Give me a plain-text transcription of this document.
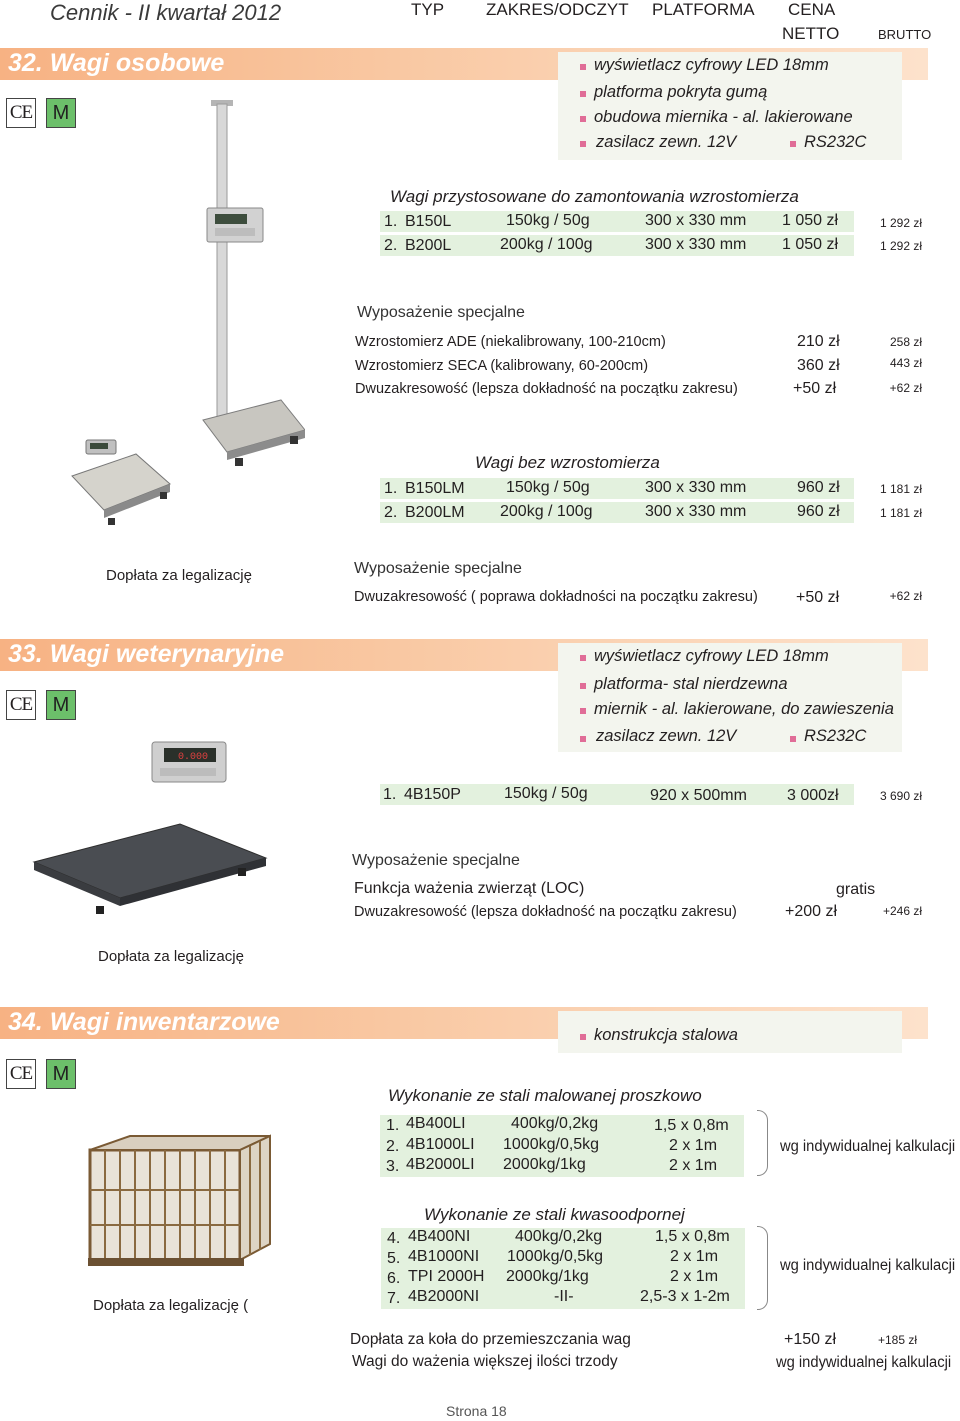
Cennik - II kwartał 2012	TYP ZAKRES/ODCZYT PLATFORMA CENA
NETTO	BRUTTO
32. Wagi osobowe
CE	M
wyświetlacz cyfrowy LED 18mm
platforma pokryta gumą
obudowa miernika - al. lakierowane
zasilacz zewn. 12V	RS232C
Wagi przystosowane do zamontowania wzrostomierza
1. B150L	150kg / 50g	300 x 330 mm 1 050 zł	1 292 zł
2. B200L	200kg / 100g	300 x 330 mm 1 050 zł	1 292 zł
Wyposażenie specjalne
Wzrostomierz ADE (niekalibrowany, 100-210cm)	210 zł	258 zł
Wzrostomierz SECA (kalibrowany, 60-200cm)	360 zł	443 zł
Dwuzakresowość (lepsza dokładność na początku zakresu)	+50 zł	+62 zł
Wagi bez wzrostomierza
1. B150LM	150kg / 50g	300 x 330 mm	960 zł	1 181 zł
2. B200LM 200kg / 100g	300 x 330 mm	960 zł	1 181 zł
Dopłata za legalizację	Wyposażenie specjalne
Dwuzakresowość ( poprawa dokładności na początku zakresu) +50 zł	+62 zł
33. Wagi weterynaryjne
CE	M
wyświetlacz cyfrowy LED 18mm
platforma- stal nierdzewna
miernik - al. lakierowane, do zawieszenia
zasilacz zewn. 12V	RS232C
0.000
1. 4B150P	150kg / 50g	920 x 500mm	3 000zł	3 690 zł
Wyposażenie specjalne
Funkcja ważenia zwierząt (LOC)	gratis
Dwuzakresowość (lepsza dokładność na początku zakresu)	+200 zł	+246 zł
Dopłata za legalizację
34. Wagi inwentarzowe	konstrukcja stalowa
CE	M
Wykonanie ze stali malowanej proszkowo
1. 4B400LI	400kg/0,2kg	1,5 x 0,8m
2. 4B1000LI 1000kg/0,5kg	2 x 1m
3. 4B2000LI 2000kg/1kg	2 x 1m
wg indywidualnej kalkulacji
Wykonanie ze stali kwasoodpornej
4. 4B400NI	400kg/0,2kg	1,5 x 0,8m
5. 4B1000NI 1000kg/0,5kg	2 x 1m
6. TPI 2000H 2000kg/1kg	2 x 1m
7. 4B2000NI	-II-	2,5-3 x 1-2m
wg indywidualnej kalkulacji
Dopłata za legalizację (
Dopłata za koła do przemieszczania wag	+150 zł	+185 zł
Wagi do ważenia większej ilości trzody	wg indywidualnej kalkulacji
Strona 18
